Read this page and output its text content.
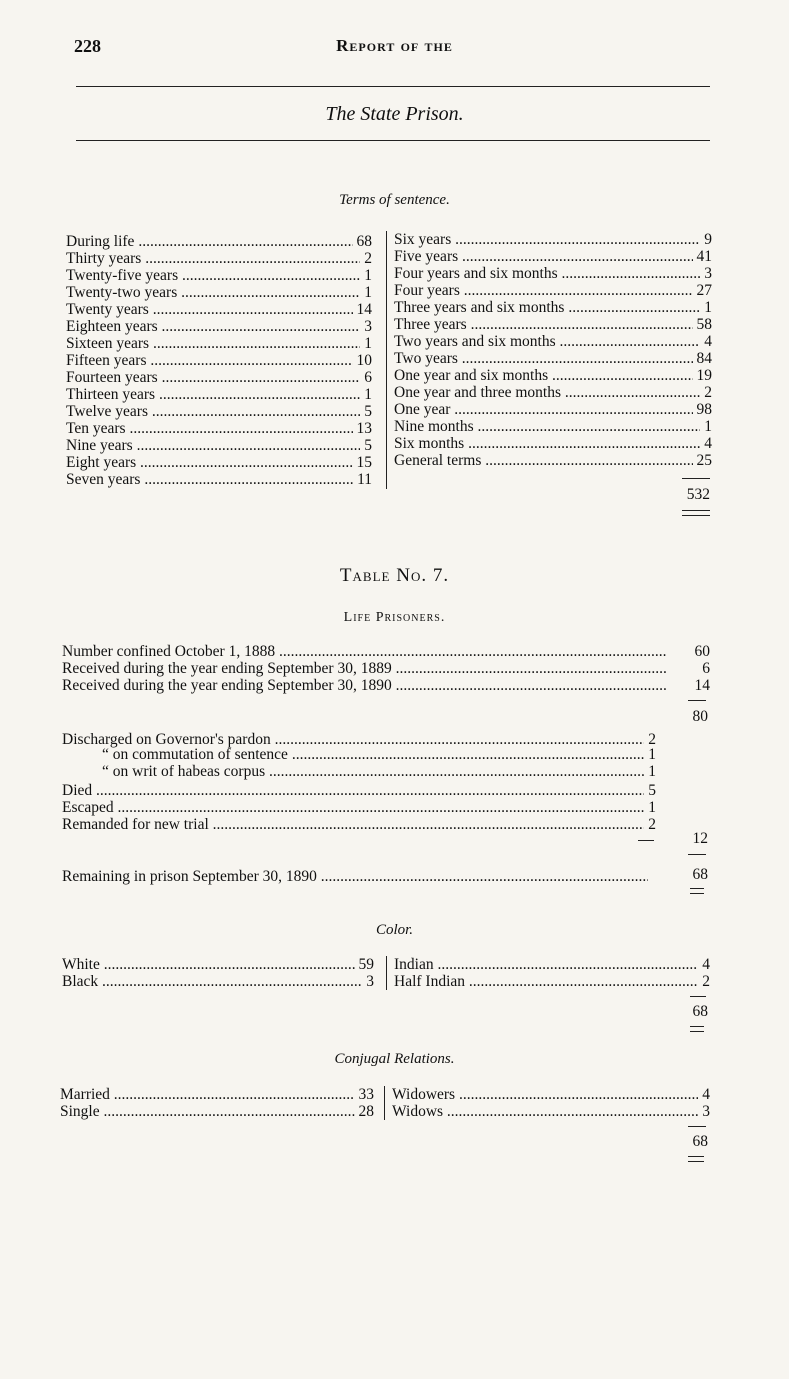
228	Report of the
The State Prison.
Terms of sentence.
During life .....	68
Thirty years .....	2
Twenty-five years .....	1
Twenty-two years .....	1
Twenty years .....	14
Eighteen years .....	3
Sixteen years .....	1
Fifteen years .....	10
Fourteen years .....	6
Thirteen years .....	1
Twelve years .....	5
Ten years .....	13
Nine years .....	5
Eight years .....	15
Seven years .....	11
Six years .....	9
Five years .....	41
Four years and six months .....	3
Four years .....	27
Three years and six months .....	1
Three years .....	58
Two years and six months .....	4
Two years .....	84
One year and six months .....	19
One year and three months .....	2
One year .....	98
Nine months .....	1
Six months .....	4
General terms .....	25
532
Table No. 7.
Life Prisoners.
Number confined October 1, 1888 .....	60
Received during the year ending September 30, 1889 .....	6
Received during the year ending September 30, 1890 .....	14
80
Discharged on Governor's pardon .....	2
“ on commutation of sentence .....	1
“ on writ of habeas corpus .....	1
Died .....	5
Escaped .....	1
Remanded for new trial .....	2
12
Remaining in prison September 30, 1890 .....	68
Color.
White .....	59
Black .....	3
Indian .....	4
Half Indian .....	2
68
Conjugal Relations.
Married .....	33
Single .....	28
Widowers .....	4
Widows .....	3
68
